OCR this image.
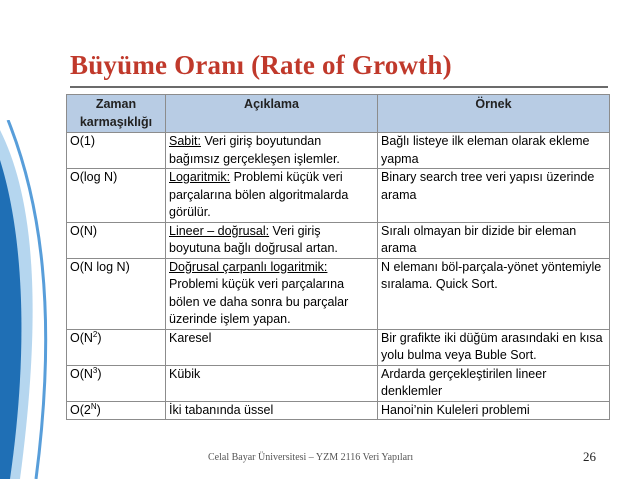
Büyüme Oranı (Rate of Growth)
Zaman karmaşıklığı	Açıklama	Örnek
O(1)	Sabit: Veri giriş boyutundan bağımsız gerçekleşen işlemler.	Bağlı listeye ilk eleman olarak ekleme yapma
O(log N)	Logaritmik: Problemi küçük veri parçalarına bölen algoritmalarda görülür.	Binary search tree veri yapısı üzerinde arama
O(N)	Lineer – doğrusal: Veri giriş boyutuna bağlı doğrusal artan.	Sıralı olmayan bir dizide bir eleman arama
O(N log N)	Doğrusal çarpanlı logaritmik: Problemi küçük veri parçalarına bölen ve daha sonra bu parçalar üzerinde işlem yapan.	N elemanı böl-parçala-yönet yöntemiyle sıralama. Quick Sort.
$O(N^2)$	Karesel	Bir grafikte iki düğüm arasındaki en kısa yolu bulma veya Buble Sort.
$O(N^3)$	Kübik	Ardarda gerçekleştirilen lineer denklemler
$O(2^N)$	İki tabanında üssel	Hanoi’nin Kuleleri problemi
Celal Bayar Üniversitesi – YZM 2116 Veri Yapıları	26
